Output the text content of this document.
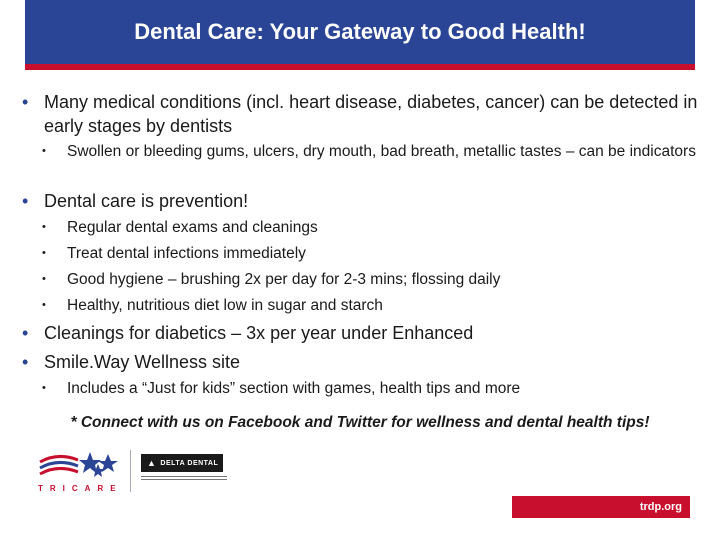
Dental Care: Your Gateway to Good Health!
• Many medical conditions (incl. heart disease, diabetes, cancer) can be detected in early stages by dentists
•	Swollen or bleeding gums, ulcers, dry mouth, bad breath, metallic tastes – can be indicators
• Dental care is prevention!
•	Regular dental exams and cleanings
•	Treat dental infections immediately
•	Good hygiene – brushing 2x per day for 2-3 mins; flossing daily
•	Healthy, nutritious diet low in sugar and starch
• Cleanings for diabetics – 3x per year under Enhanced
• Smile.Way Wellness site
•	Includes a “Just for kids” section with games, health tips and more
* Connect with us on Facebook and Twitter for wellness and dental health tips!
TRICARE
▲ DELTA DENTAL
trdp.org
